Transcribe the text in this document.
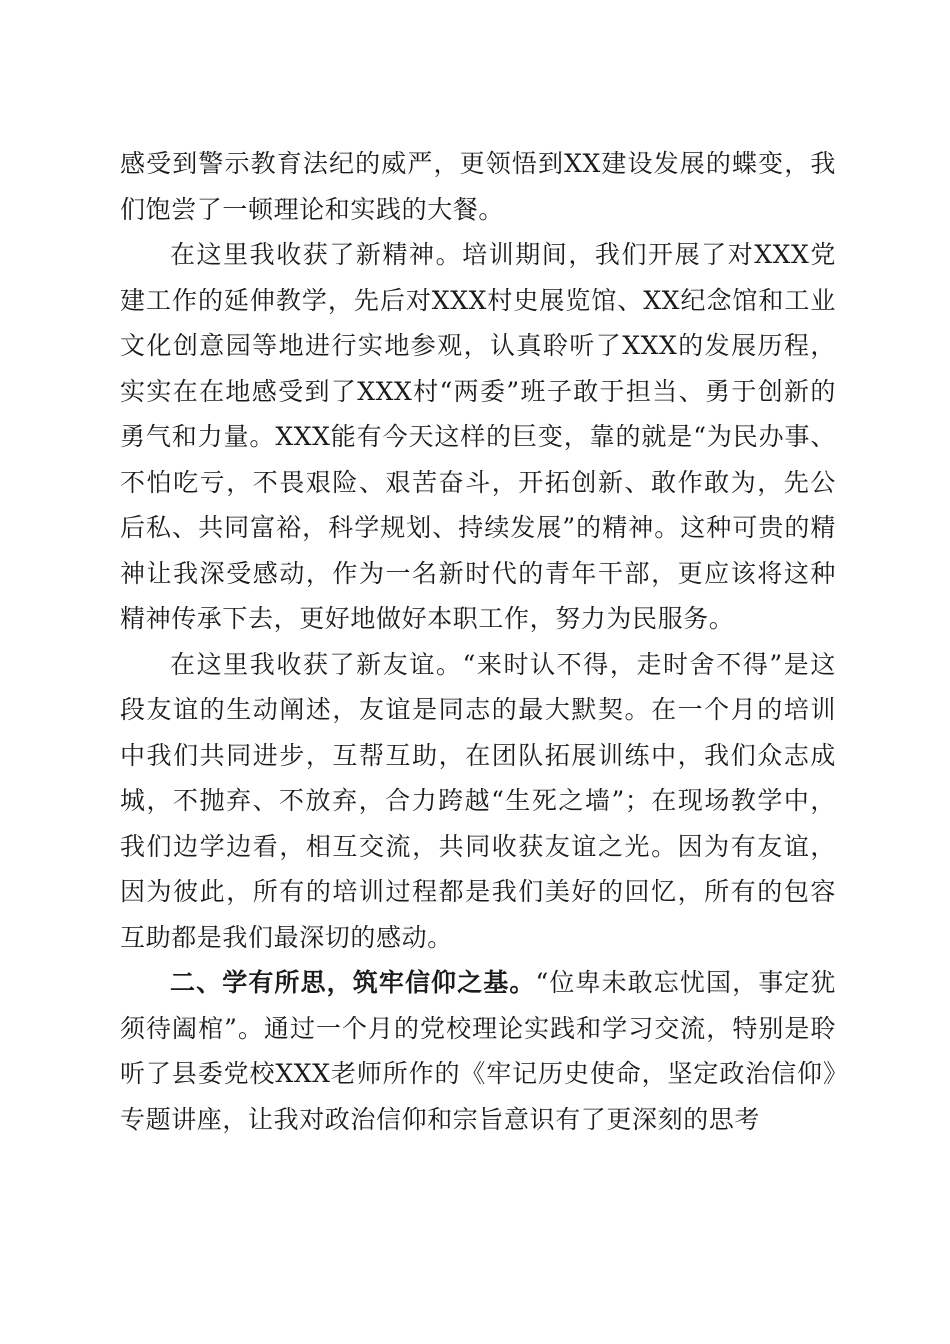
感受到警示教育法纪的威严，更领悟到XX建设发展的蝶变，我们饱尝了一顿理论和实践的大餐。

在这里我收获了新精神。培训期间，我们开展了对XXX党建工作的延伸教学，先后对XXX村史展览馆、XX纪念馆和工业文化创意园等地进行实地参观，认真聆听了XXX的发展历程，实实在在地感受到了XXX村“两委”班子敢于担当、勇于创新的勇气和力量。XXX能有今天这样的巨变，靠的就是“为民办事、不怕吃亏，不畏艰险、艰苦奋斗，开拓创新、敢作敢为，先公后私、共同富裕，科学规划、持续发展”的精神。这种可贵的精神让我深受感动，作为一名新时代的青年干部，更应该将这种精神传承下去，更好地做好本职工作，努力为民服务。

在这里我收获了新友谊。“来时认不得，走时舍不得”是这段友谊的生动阐述，友谊是同志的最大默契。在一个月的培训中我们共同进步，互帮互助，在团队拓展训练中，我们众志成城，不抛弃、不放弃，合力跨越“生死之墙”；在现场教学中，我们边学边看，相互交流，共同收获友谊之光。因为有友谊，因为彼此，所有的培训过程都是我们美好的回忆，所有的包容互助都是我们最深切的感动。

二、学有所思，筑牢信仰之基。“位卑未敢忘忧国，事定犹须待阖棺”。通过一个月的党校理论实践和学习交流，特别是聆听了县委党校XXX老师所作的《牢记历史使命，坚定政治信仰》专题讲座，让我对政治信仰和宗旨意识有了更深刻的思考
